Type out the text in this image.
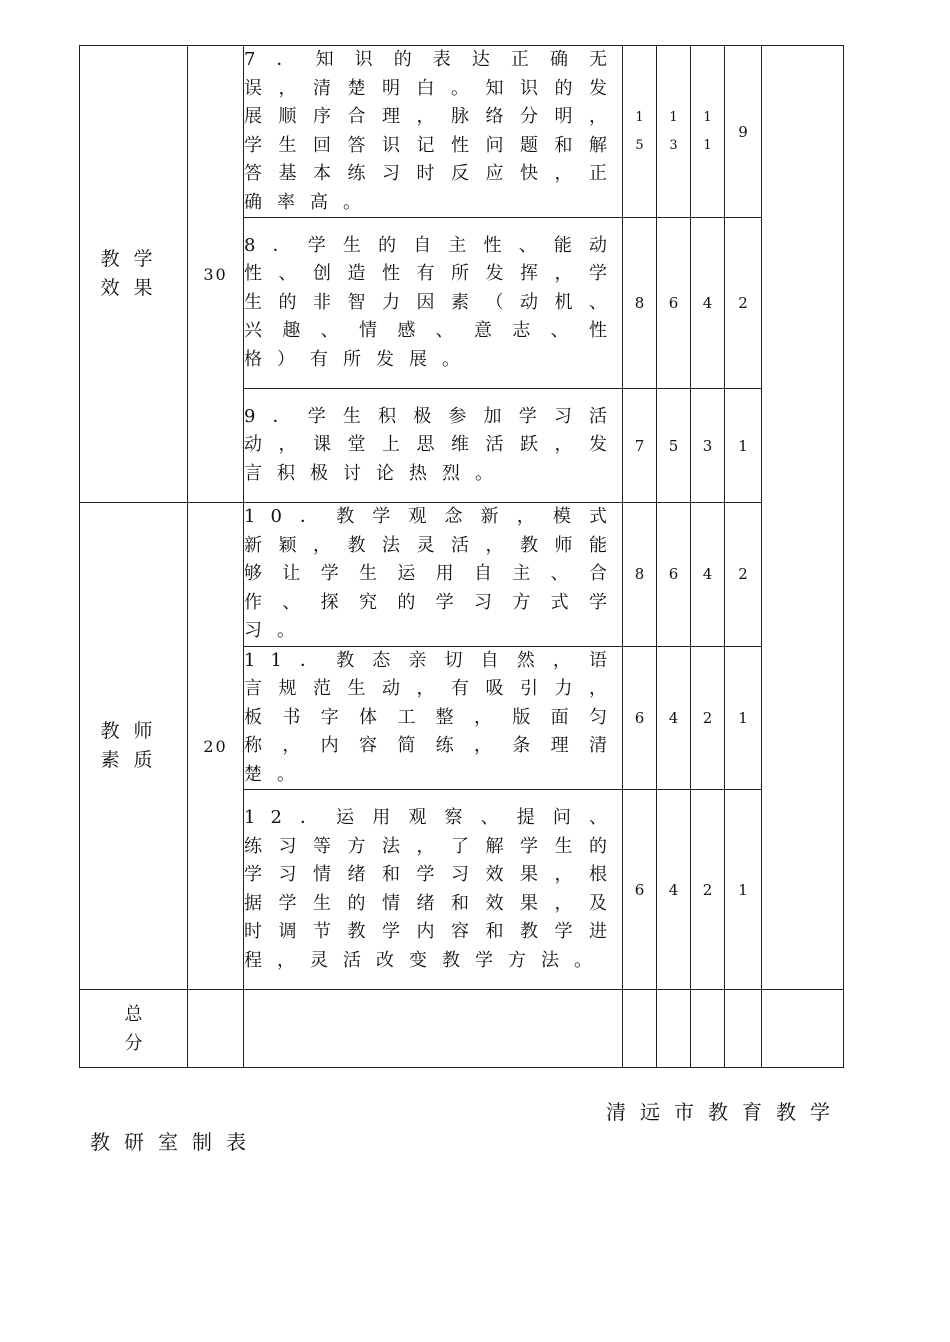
教学效果	30	7．知识的表达正确无误，清楚明白。知识的发展顺序合理，脉络分明，学生回答识记性问题和解答基本练习时反应快，正确率高。	15	13	11	9	
		8．学生的自主性、能动性、创造性有所发挥，学生的非智力因素（动机、兴趣、情感、意志、性格）有所发展。	8	6	4	2	
		9．学生积极参加学习活动，课堂上思维活跃，发言积极讨论热烈。	7	5	3	1	
教师素质	20	10．教学观念新，模式新颖，教法灵活，教师能够让学生运用自主、合作、探究的学习方式学习。	8	6	4	2	
		11．教态亲切自然，语言规范生动，有吸引力，板书字体工整，版面匀称，内容简练，条理清楚。	6	4	2	1	
		12．运用观察、提问、练习等方法，了解学生的学习情绪和学习效果，根据学生的情绪和效果，及时调节教学内容和教学进程，灵活改变教学方法。	6	4	2	1	
总分							
清远市教育教学
教研室制表
